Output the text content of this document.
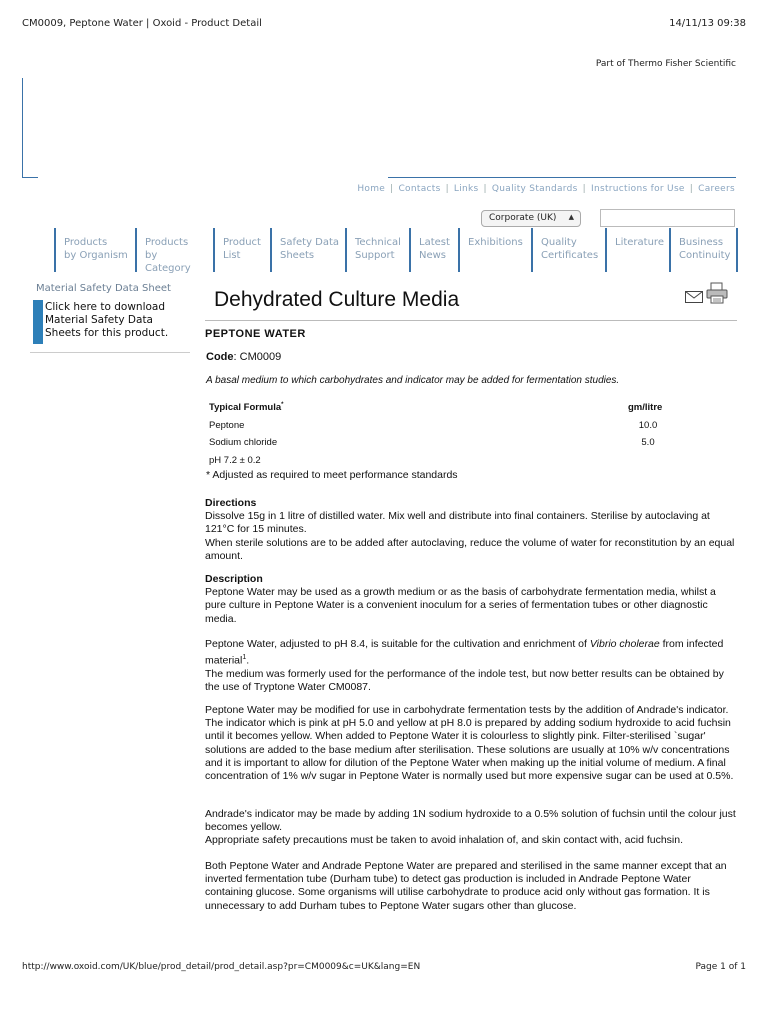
CM0009, Peptone Water | Oxoid - Product Detail	14/11/13 09:38
Part of Thermo Fisher Scientific
Home | Contacts | Links | Quality Standards | Instructions for Use | Careers
Corporate (UK) ▲

Products
by Organism
Products
by Category
Product
List
Safety Data
Sheets
Technical
Support
Latest
News
Exhibitions	Quality
Certificates
Literature	Business
Continuity
Material Safety Data Sheet
Click here to download Material Safety Data Sheets for this product.
Dehydrated Culture Media
PEPTONE WATER
Code: CM0009
A basal medium to which carbohydrates and indicator may be added for fermentation studies.
Typical Formula*	gm/litre
Peptone	10.0
Sodium chloride	5.0
pH 7.2 ± 0.2
* Adjusted as required to meet performance standards
Directions

Dissolve 15g in 1 litre of distilled water. Mix well and distribute into final containers. Sterilise by autoclaving at 121°C for 15 minutes.

When sterile solutions are to be added after autoclaving, reduce the volume of water for reconstitution by an equal amount.

Description

Peptone Water may be used as a growth medium or as the basis of carbohydrate fermentation media, whilst a pure culture in Peptone Water is a convenient inoculum for a series of fermentation tubes or other diagnostic media.

Peptone Water, adjusted to pH 8.4, is suitable for the cultivation and enrichment of Vibrio cholerae from infected material$^1$.

The medium was formerly used for the performance of the indole test, but now better results can be obtained by the use of Tryptone Water CM0087.

Peptone Water may be modified for use in carbohydrate fermentation tests by the addition of Andrade's indicator. The indicator which is pink at pH 5.0 and yellow at pH 8.0 is prepared by adding sodium hydroxide to acid fuchsin until it becomes yellow. When added to Peptone Water it is colourless to slightly pink. Filter-sterilised `sugar' solutions are added to the base medium after sterilisation. These solutions are usually at 10% w/v concentrations and it is important to allow for dilution of the Peptone Water when making up the initial volume of medium. A final concentration of 1% w/v sugar in Peptone Water is normally used but more expensive sugar can be used at 0.5%.

Andrade's indicator may be made by adding 1N sodium hydroxide to a 0.5% solution of fuchsin until the colour just becomes yellow.

Appropriate safety precautions must be taken to avoid inhalation of, and skin contact with, acid fuchsin.

Both Peptone Water and Andrade Peptone Water are prepared and sterilised in the same manner except that an inverted fermentation tube (Durham tube) to detect gas production is included in Andrade Peptone Water containing glucose. Some organisms will utilise carbohydrate to produce acid only without gas formation. It is unnecessary to add Durham tubes to Peptone Water sugars other than glucose.
http://www.oxoid.com/UK/blue/prod_detail/prod_detail.asp?pr=CM0009&c=UK&lang=EN	Page 1 of 1
